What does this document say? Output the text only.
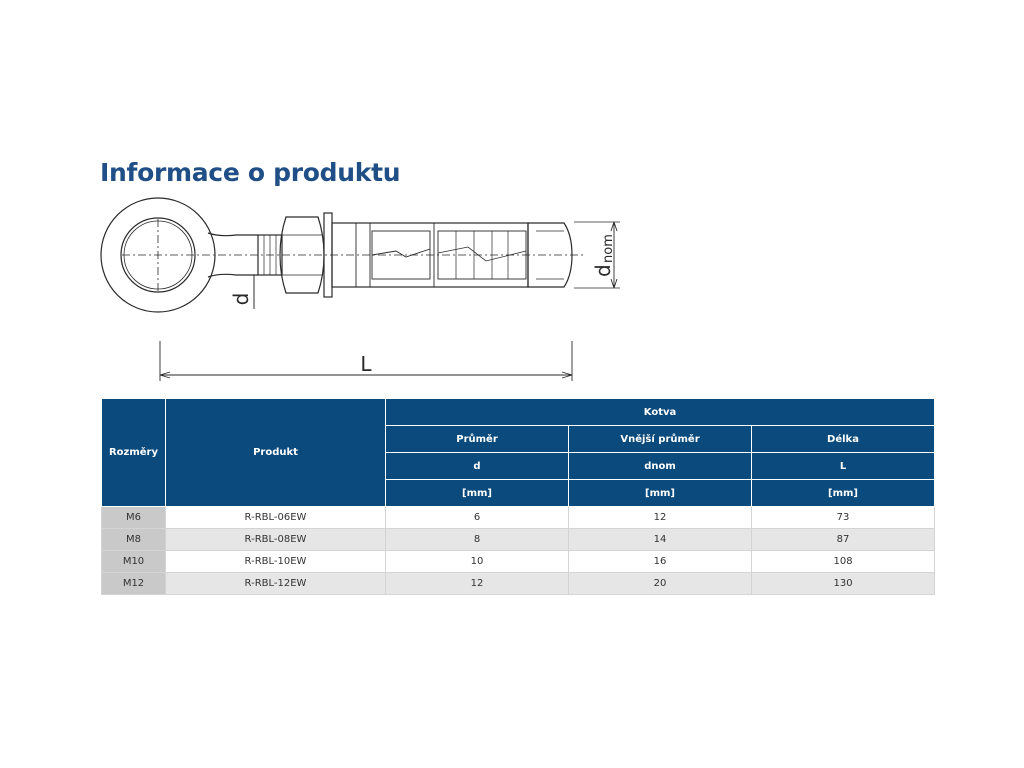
Informace o produktu
d
d
nom
L
Rozměry	Produkt	Kotva		
		Průměr	Vnější průměr	Délka
		d	dnom	L
		[mm]	[mm]	[mm]
M6	R-RBL-06EW	6	12	73
M8	R-RBL-08EW	8	14	87
M10	R-RBL-10EW	10	16	108
M12	R-RBL-12EW	12	20	130
